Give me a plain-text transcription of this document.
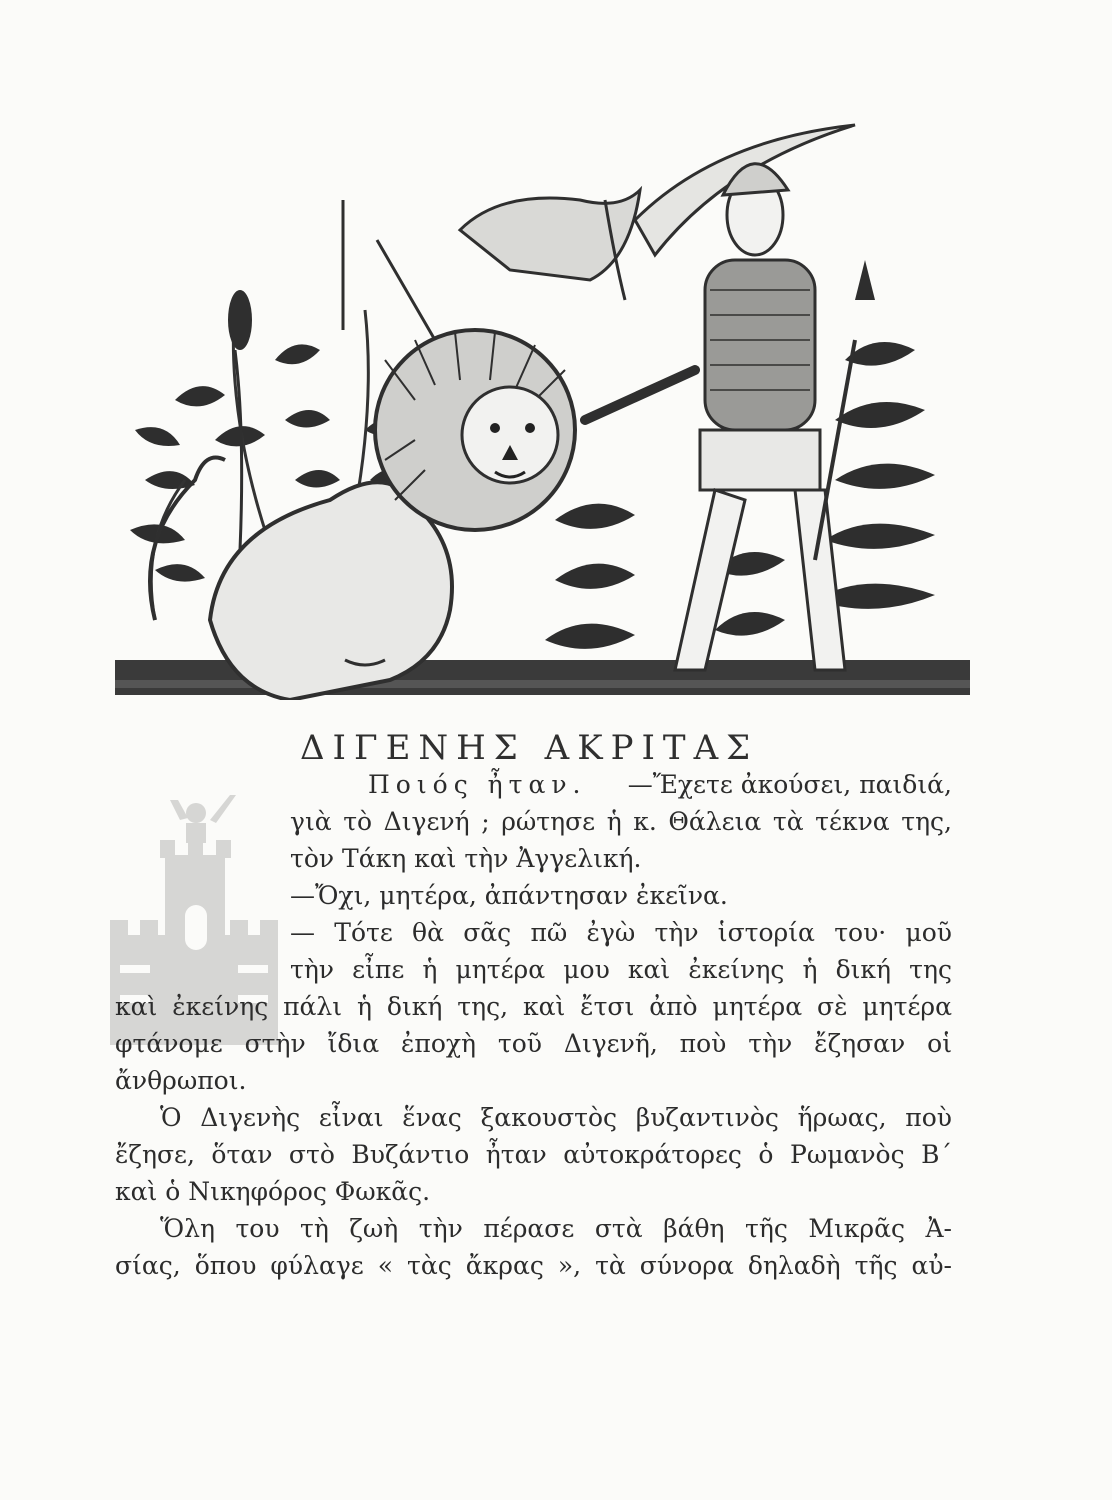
ΔΙΓΕΝΗΣ ΑΚΡΙΤΑΣ
Ποιός ἦταν. —Ἔχετε ἀκούσει, παιδιά,
γιὰ τὸ Διγενή ; ρώτησε ἡ κ. Θάλεια τὰ τέκνα της,
τὸν Τάκη καὶ τὴν Ἀγγελική.
—Ὄχι, μητέρα, ἀπάντησαν ἐκεῖνα.
— Τότε θὰ σᾶς πῶ ἐγὼ τὴν ἱστορία του· μοῦ
τὴν εἶπε ἡ μητέρα μου καὶ ἐκείνης ἡ δική της
καὶ ἐκείνης πάλι ἡ δική της, καὶ ἔτσι ἀπὸ μητέρα σὲ μητέρα
φτάνομε στὴν ἴδια ἐποχὴ τοῦ Διγενῆ, ποὺ τὴν ἔζησαν οἱ
ἄνθρωποι.
Ὁ Διγενὴς εἶναι ἕνας ξακουστὸς βυζαντινὸς ἥρωας, ποὺ
ἔζησε, ὅταν στὸ Βυζάντιο ἦταν αὐτοκράτορες ὁ Ρωμανὸς Β΄
καὶ ὁ Νικηφόρος Φωκᾶς.
Ὅλη του τὴ ζωὴ τὴν πέρασε στὰ βάθη τῆς Μικρᾶς Ἀ-
σίας, ὅπου φύλαγε « τὰς ἄκρας », τὰ σύνορα δηλαδὴ τῆς αὐ-
